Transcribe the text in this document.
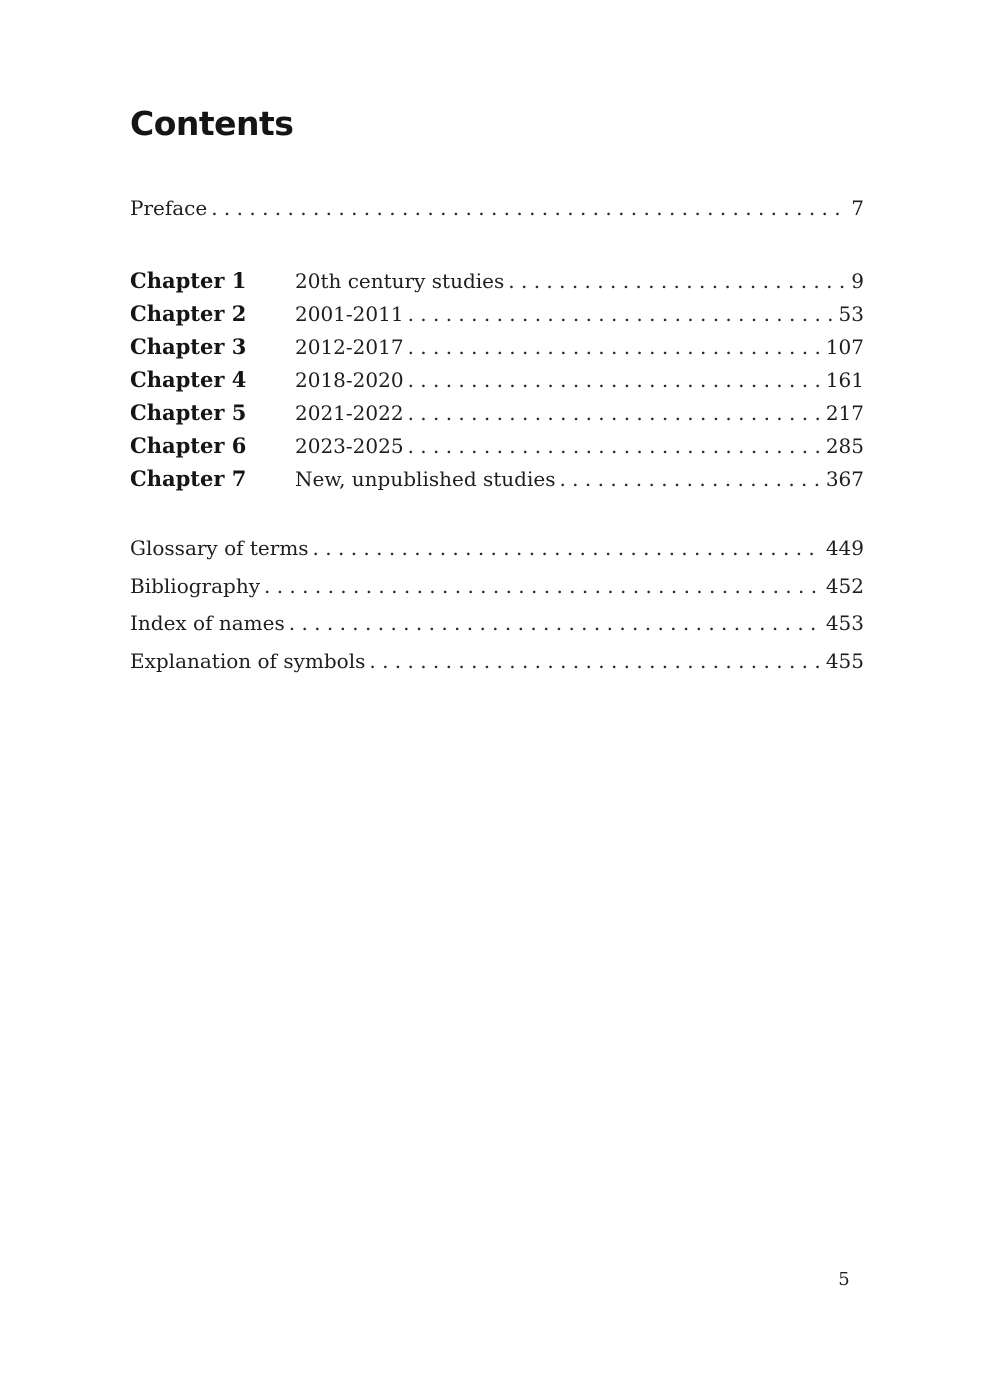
Contents
Preface . . .	7
Chapter 1	20th century studies . . .	9
Chapter 2	2001-2011 . . .	53
Chapter 3	2012-2017 . . .	107
Chapter 4	2018-2020 . . .	161
Chapter 5	2021-2022 . . .	217
Chapter 6	2023-2025 . . .	285
Chapter 7	New, unpublished studies . . .	367
Glossary of terms . . .	449
Bibliography . . .	452
Index of names . . .	453
Explanation of symbols . . .	455
5
